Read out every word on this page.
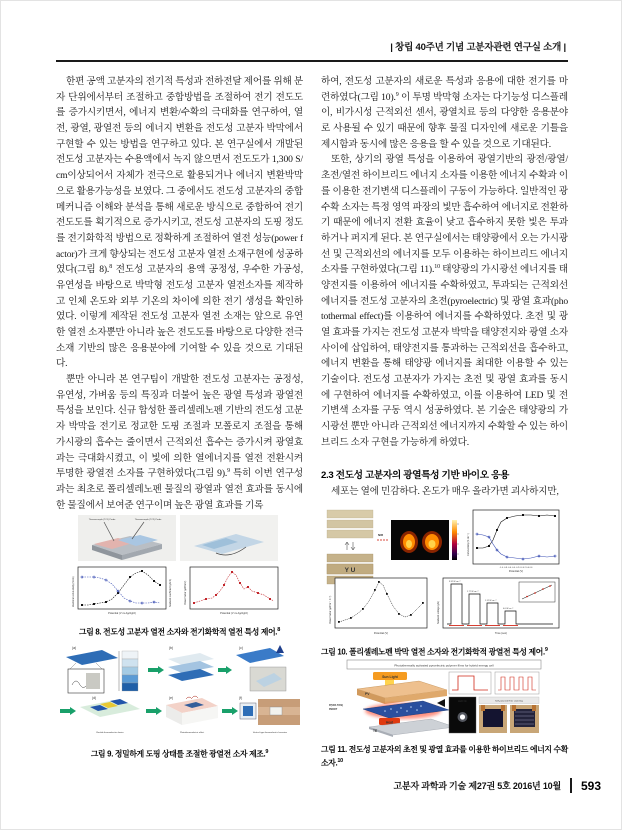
| 창립 40주년 기념 고분자관련 연구실 소개 |

한편 공액 고분자의 전기적 특성과 전하전달 제어를 위해 분자 단위에서부터 조절하고 중합방법을 조절하여 전기 전도도를 증가시키면서, 에너지 변환/수확의 극대화를 연구하여, 열전, 광열, 광열전 등의 에너지 변환을 전도성 고분자 박막에서 구현할 수 있는 방법을 연구하고 있다. 본 연구실에서 개발된 전도성 고분자는 수용액에서 녹지 않으면서 전도도가 1,300 S/cm이상되어서 자체가 전극으로 활용되거나 에너지 변환박막으로 활용가능성을 보였다. 그 중에서도 전도성 고분자의 중합 메커니즘 이해와 분석을 통해 새로운 방식으로 중합하여 전기 전도도를 획기적으로 증가시키고, 전도성 고분자의 도핑 정도를 전기화학적 방법으로 정확하게 조절하여 열전 성능(power factor)가 크게 향상되는 전도성 고분자 열전 소재구현에 성공하였다(그림 8).$^8$ 전도성 고분자의 용액 공정성, 우수한 가공성, 유연성을 바탕으로 박막형 전도성 고분자 열전소자를 제작하고 인체 온도와 외부 기온의 차이에 의한 전기 생성을 확인하였다. 이렇게 제작된 전도성 고분자 열전 소재는 앞으로 유연한 열전 소자뿐만 아니라 높은 전도도를 바탕으로 다양한 전극소재 기반의 많은 응용분야에 기여할 수 있을 것으로 기대된다.

뿐만 아니라 본 연구팀이 개발한 전도성 고분자는 공정성, 유연성, 가벼움 등의 특징과 더불어 높은 광열 특성과 광열전 특성을 보인다. 신규 합성한 폴리셀레노펜 기반의 전도성 고분자 박막을 전기로 정교한 도핑 조절과 모폴로지 조절을 통해 가시광의 흡수는 줄이면서 근적외선 흡수는 증가시켜 광열효과는 극대화시켰고, 이 빛에 의한 열에너지를 열전 전환시켜 투명한 광열전 소자를 구현하였다(그림 9).$^9$ 특히 이번 연구성과는 최초로 폴리셀레노펜 물질의 광열과 열전 효과를 동시에 한 물질에서 보여준 연구이며 높은 광열 효과를 기록

하여, 전도성 고분자의 새로운 특성과 응용에 대한 전기를 마련하였다(그림 10).$^9$ 이 투명 박막형 소자는 다기능성 디스플레이, 비가시성 근적외선 센서, 광열치료 등의 다양한 응용분야로 사용될 수 있기 때문에 향후 물질 디자인에 새로운 기틀을 제시함과 동시에 많은 응용을 할 수 있을 것으로 기대된다.

또한, 상기의 광열 특성을 이용하여 광열기반의 광전/광열/초전/열전 하이브리드 에너지 소자를 이용한 에너지 수확과 이를 이용한 전기변색 디스플레이 구동이 가능하다. 일반적인 광수확 소자는 특정 영역 파장의 빛만 흡수하여 에너지로 전환하기 때문에 에너지 전환 효율이 낮고 흡수하지 못한 빛은 투과하거나 퍼지게 된다. 본 연구실에서는 태양광에서 오는 가시광선 및 근적외선의 에너지를 모두 이용하는 하이브리드 에너지 소자를 구현하였다(그림 11).$^{10}$ 태양광의 가시광선 에너지를 태양전지를 이용하여 에너지를 수확하였고, 투과되는 근적외선 에너지를 전도성 고분자의 초전(pyroelectric) 및 광열 효과(photothermal effect)를 이용하여 에너지를 수확하였다. 초전 및 광열 효과를 가지는 전도성 고분자 박막을 태양전지와 광열 소자 사이에 삽입하여, 태양전지를 통과하는 근적외선을 흡수하고, 에너지 변환을 통해 태양광 에너지를 최대한 이용할 수 있는 기술이다. 전도성 고분자가 가지는 초전 및 광열 효과를 동시에 구현하여 에너지를 수확하였고, 이를 이용하여 LED 및 전기변색 소자를 구동 역시 성공하였다. 본 기술은 태양광의 가시광선 뿐만 아니라 근적외선 에너지까지 수확할 수 있는 하이브리드 소자 구현을 가능하게 하였다.

2.3 전도성 고분자의 광열특성 기반 바이오 응용

세포는 열에 민감하다. 온도가 매우 올라가면 괴사하지만,

Thermocouple (TC1) Probe	Thermocouple (TC2) Probe
Electrical conductivity (S/cm)	Seebeck coefficient (μV/K)
Potential (V vs Ag/AgCl)
Power factor (μW/mK²)
Potential (V vs Ag/AgCl)
그림 8. 전도성 고분자 열전 소자와 전기화학적 열전 특성 제어.$^8$
(a)	(b)	(c)
(d)	(e)	(f)
Flexible thermoelectric device	Photothermoelectric effect	Vertical type thermoelectric harvester
그림 9. 정밀하게 도핑 상태를 조절한 광열전 소자 제조.$^9$
Y U
NIR	Conductivity (S cm⁻¹)
-1.0 -0.8 -0.6 -0.4 -0.2 0.0 0.2 0.4 0.6
Potential (V)
Power factor (μW m⁻¹ K⁻²)
Potential (V)
3.32 W cm⁻²
1.77 W cm⁻²
1.12 W cm⁻²
0.6 W cm⁻²
Seebeck voltage (μV)
Time (sec)
그림 10. 폴리셀레노펜 박막 열전 소자와 전기화학적 광열전 특성 제어.$^9$
Photothermally activated pyroelectric polymer films for hybrid energy cell
Sun Light
PV
P(VDF-TrFE)
PEDOT
Heat
TE
LED On	Self-powered ECD switching
그림 11. 전도성 고분자의 초전 및 광열 효과를 이용한 하이브리드 에너지 수확 소자.$^{10}$
고분자 과학과 기술 제27권 5호 2016년 10월 593
